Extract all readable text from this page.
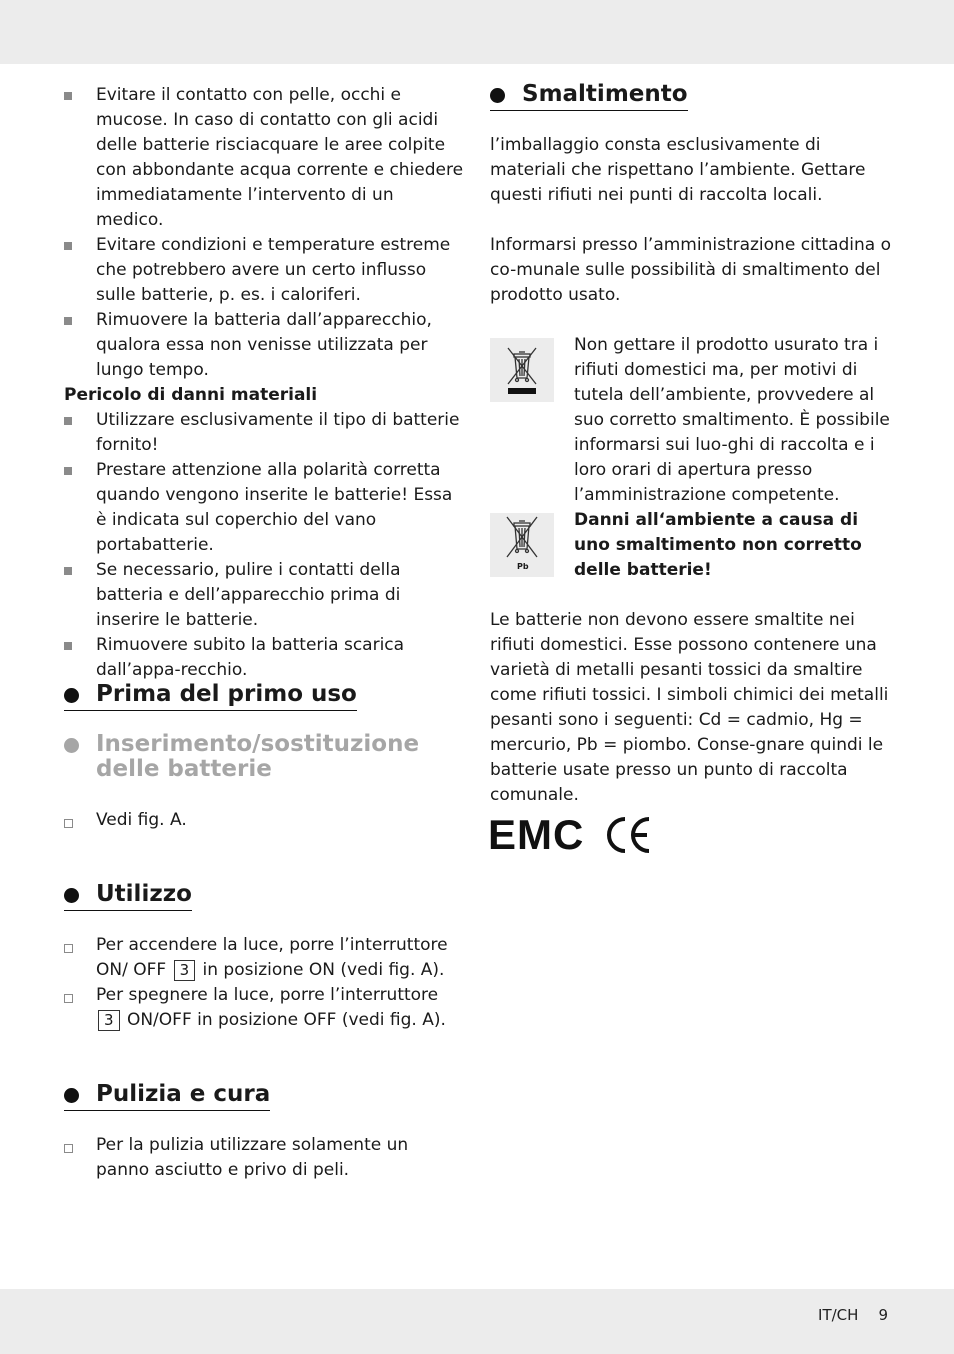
IT/CH 9
Evitare il contatto con pelle, occhi e mucose. In caso di contatto con gli acidi delle batterie risciacquare le aree colpite con abbondante acqua corrente e chiedere immediatamente l’intervento di un medico.
Evitare condizioni e temperature estreme che potrebbero avere un certo influsso sulle batterie, p. es. i caloriferi.
Rimuovere la batteria dall’apparecchio, qualora essa non venisse utilizzata per lungo tempo.

Pericolo di danni materiali

Utilizzare esclusivamente il tipo di batterie fornito!
Prestare attenzione alla polarità corretta quando vengono inserite le batterie! Essa è indicata sul coperchio del vano portabatterie.
Se necessario, pulire i contatti della batteria e dell’apparecchio prima di inserire le batterie.
Rimuovere subito la batteria scarica dall’appa-recchio.
Prima del primo uso
Inserimento/sostituzione
delle batterie
Vedi fig. A.
Utilizzo
Per accendere la luce, porre l’interruttore ON/ OFF 3 in posizione ON (vedi fig. A).
Per spegnere la luce, porre l’interruttore 3 ON/OFF in posizione OFF (vedi fig. A).
Pulizia e cura
Per la pulizia utilizzare solamente un panno asciutto e privo di peli.
Smaltimento

l’imballaggio consta esclusivamente di materiali che rispettano l’ambiente. Gettare questi rifiuti nei punti di raccolta locali.

Informarsi presso l’amministrazione cittadina o co-munale sulle possibilità di smaltimento del prodotto usato.

Non gettare il prodotto usurato tra i rifiuti domestici ma, per motivi di tutela dell’ambiente, provvedere al suo corretto smaltimento. È possibile informarsi sui luo-ghi di raccolta e i loro orari di apertura presso l’amministrazione competente.

Pb

Danni all‘ambiente a causa di uno smaltimento non corretto delle batterie!

Le batterie non devono essere smaltite nei rifiuti domestici. Esse possono contenere una varietà di metalli pesanti tossici da smaltire come rifiuti tossici. I simboli chimici dei metalli pesanti sono i seguenti: Cd = cadmio, Hg = mercurio, Pb = piombo. Conse-gnare quindi le batterie usate presso un punto di raccolta comunale.

EMC
